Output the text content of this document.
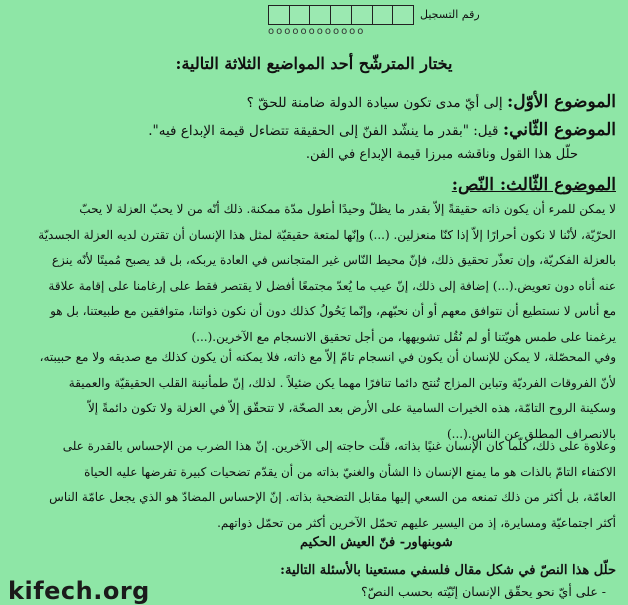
رقم التسجيل
oooooooooooo
يختار المترشّح أحد المواضيع الثلاثة التالية:
الموضوع الأوّل: إلى أيّ مدى تكون سيادة الدولة ضامنة للحقّ ؟
الموضوع الثّاني: قيل: "بقدر ما ينشّد الفنّ إلى الحقيقة تتضاءل قيمة الإبداع فيه".
حلّل هذا القول وناقشه مبرزا قيمة الإبداع في الفن.
الموضوع الثّالث: النّص:
لا يمكن للمرء أن يكون ذاته حقيقةً إلاّ بقدر ما يظلّ وحيدًا أطول مدّة ممكنة. ذلك أنّه من لا يحبّ العزلة لا يحبّ
الحرّيّة، لأنّنا لا نكون أحرارًا إلاّ إذا كنّا منعزلين. (...) وإنّها لمتعة حقيقيّة لمثل هذا الإنسان أن تقترن لديه العزلة الجسديّة
بالعزلة الفكريّة، وإن تعذّر تحقيق ذلك، فإنّ محيط النّاس غير المتجانس في العادة يربكه، بل قد يصبح مُميتًا لأنّه ينزع
عنه أناه دون تعويض.(...) إضافة إلى ذلك، إنّ عيب ما يُعدّ مجتمعًا أفضل لا يقتصر فقط على إرغامنا على إقامة علاقة
مع أناس لا نستطيع أن نتوافق معهم أو أن نحبّهم، وإنّما يَحُولُ كذلك دون أن نكون ذواتنا، متوافقين مع طبيعتنا، بل هو
يرغمنا على طمس هويّتنا أو لم نُقُل تشويهها، من أجل تحقيق الانسجام مع الآخرين.(...)
وفي المحصّلة، لا يمكن للإنسان أن يكون في انسجام تامّ إلاّ مع ذاته، فلا يمكنه أن يكون كذلك مع صديقه ولا مع حبيبته،
لأنّ الفروقات الفرديّة وتباين المزاج تُنتج دائما تنافرًا مهما يكن ضئيلاً . لذلك، إنّ طمأنينة القلب الحقيقيّة والعميقة
وسكينة الروح التامّة، هذه الخيرات السامية على الأرض بعد الصحّة، لا تتحقّق إلاّ في العزلة ولا تكون دائمةً إلاّ
بالانصراف المطلق عن الناس.(...)
وعلاوة على ذلك، كلّما كان الإنسان غنيًا بذاته، قلّت حاجته إلى الآخرين. إنّ هذا الضرب من الإحساس بالقدرة على
الاكتفاء التامّ بالذات هو ما يمنع الإنسان ذا الشأن والغنيّ بذاته من أن يقدّم تضحيات كبيرة تفرضها عليه الحياة
العامّة، بل أكثر من ذلك تمنعه من السعي إليها مقابل التضحية بذاته. إنّ الإحساس المضادّ هو الذي يجعل عامّة الناس
أكثر اجتماعيّة ومسايرة، إذ من اليسير عليهم تحمّل الآخرين أكثر من تحمّل ذواتهم.
شوبنهاور- فنّ العيش الحكيم
حلّل هذا النصّ في شكل مقال فلسفي مستعينا بالأسئلة التالية:
- على أيّ نحو يحقّق الإنسان إنّيّته بحسب النصّ؟
kifech.org
